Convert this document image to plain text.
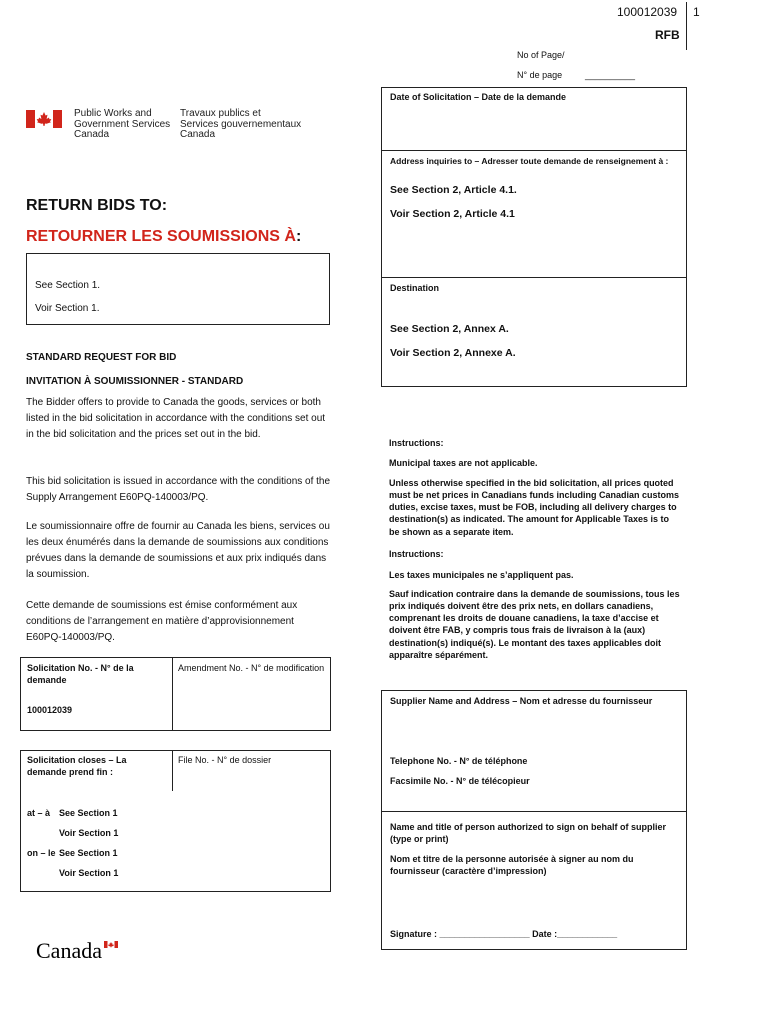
100012039 1
RFB
No of Page/
N° de page	__________
Public Works and
Government Services
Canada
Travaux publics et
Services gouvernementaux
Canada
Date of Solicitation – Date de la demande
Address inquiries to – Adresser toute demande de renseignement à :
See Section 2, Article 4.1.
Voir Section 2, Article 4.1
Destination
See Section 2, Annex A.
Voir Section 2, Annexe A.
Instructions:
Municipal taxes are not applicable.
Unless otherwise specified in the bid solicitation, all prices quoted must be net prices in Canadians funds including Canadian customs duties, excise taxes, must be FOB, including all delivery charges to destination(s) as indicated. The amount for Applicable Taxes is to be shown as a separate item.
Instructions:
Les taxes municipales ne s’appliquent pas.
Sauf indication contraire dans la demande de soumissions, tous les prix indiqués doivent être des prix nets, en dollars canadiens, comprenant les droits de douane canadiens, la taxe d’accise et doivent être FAB, y compris tous frais de livraison à la (aux) destination(s) indiqué(s). Le montant des taxes applicables doit apparaître séparément.
Supplier Name and Address – Nom et adresse du fournisseur
Telephone No. - N° de téléphone
Facsimile No. - N° de télécopieur
Name and title of person authorized to sign on behalf of supplier (type or print)
Nom et titre de la personne autorisée à signer au nom du fournisseur (caractère d’impression)
Signature : __________________ Date :____________
RETURN BIDS TO:
RETOURNER LES SOUMISSIONS À:
See Section 1.
Voir Section 1.
STANDARD REQUEST FOR BID
INVITATION À SOUMISSIONNER - STANDARD
The Bidder offers to provide to Canada the goods, services or both listed in the bid solicitation in accordance with the conditions set out in the bid solicitation and the prices set out in the bid.
This bid solicitation is issued in accordance with the conditions of the Supply Arrangement E60PQ-140003/PQ.
Le soumissionnaire offre de fournir au Canada les biens, services ou les deux énumérés dans la demande de soumissions aux conditions prévues dans la demande de soumissions et aux prix indiqués dans la soumission.
Cette demande de soumissions est émise conformément aux conditions de l’arrangement en matière d’approvisionnement E60PQ-140003/PQ.
Solicitation No. - N° de la demande
100012039
Amendment No. - N° de modification
Solicitation closes – La demande prend fin :
File No. - N° de dossier
at – à See Section 1
Voir Section 1
on – le See Section 1
Voir Section 1
Canada
